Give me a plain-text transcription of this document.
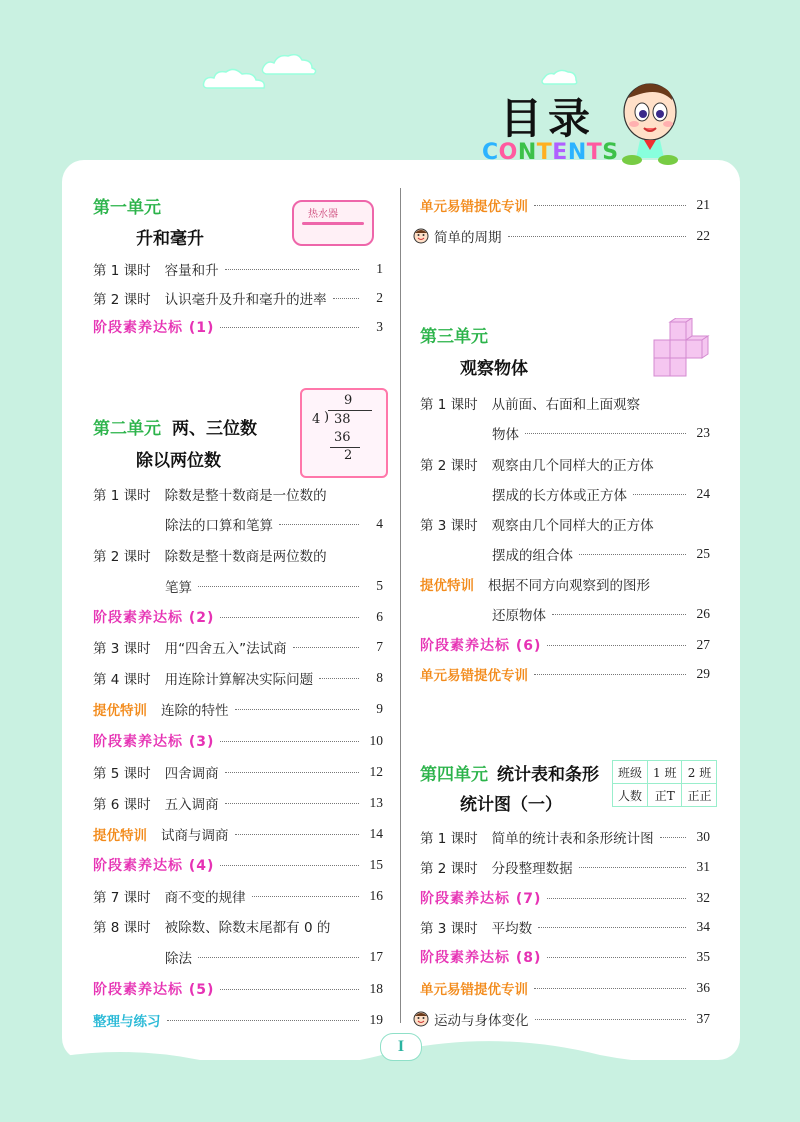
目录
CONTENTS
第一单元
升和毫升
热水器
第 1 课时 容量和升	1
第 2 课时 认识毫升及升和毫升的进率	2
阶段素养达标 (1)	3
第二单元 两、三位数
除以两位数
9
4 ) 38
36
2
第 1 课时 除数是整十数商是一位数的
除法的口算和笔算	4
第 2 课时 除数是整十数商是两位数的
笔算	5
阶段素养达标 (2)	6
第 3 课时 用“四舍五入”法试商	7
第 4 课时 用连除计算解决实际问题	8
提优特训 连除的特性	9
阶段素养达标 (3)	10
第 5 课时 四舍调商	12
第 6 课时 五入调商	13
提优特训 试商与调商	14
阶段素养达标 (4)	15
第 7 课时 商不变的规律	16
第 8 课时 被除数、除数末尾都有 0 的
除法	17
阶段素养达标 (5)	18
整理与练习	19
单元易错提优专训	21
简单的周期	22
第三单元
观察物体
第 1 课时 从前面、右面和上面观察
物体	23
第 2 课时 观察由几个同样大的正方体
摆成的长方体或正方体	24
第 3 课时 观察由几个同样大的正方体
摆成的组合体	25
提优特训 根据不同方向观察到的图形
还原物体	26
阶段素养达标 (6)	27
单元易错提优专训	29
第四单元 统计表和条形
统计图（一）
班级	1 班	2 班
人数	正T	正正
第 1 课时 简单的统计表和条形统计图	30
第 2 课时 分段整理数据	31
阶段素养达标 (7)	32
第 3 课时 平均数	34
阶段素养达标 (8)	35
单元易错提优专训	36
运动与身体变化	37
I
